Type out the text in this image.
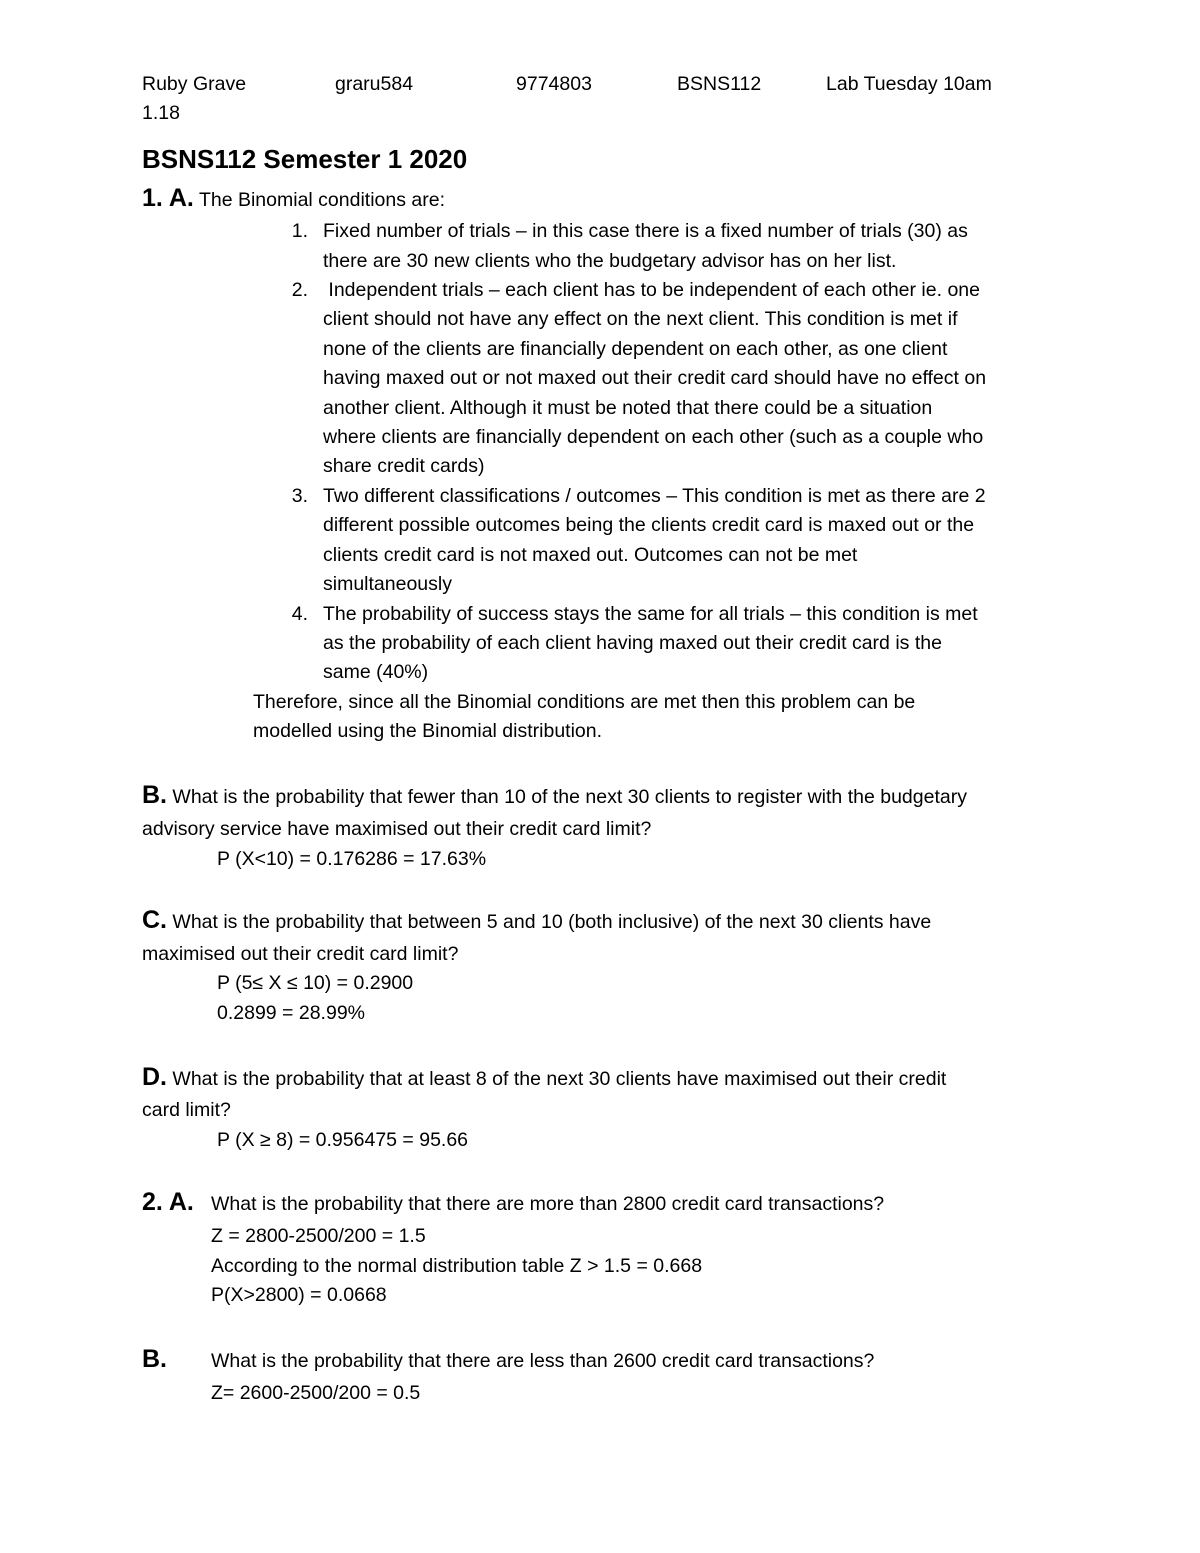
Ruby Grave	graru584	9774803	BSNS112	Lab Tuesday 10am
1.18
BSNS112 Semester 1 2020
1. A. The Binomial conditions are:
1. Fixed number of trials – in this case there is a fixed number of trials (30) as
there are 30 new clients who the budgetary advisor has on her list.
2. Independent trials – each client has to be independent of each other ie. one
client should not have any effect on the next client. This condition is met if
none of the clients are financially dependent on each other, as one client
having maxed out or not maxed out their credit card should have no effect on
another client. Although it must be noted that there could be a situation
where clients are financially dependent on each other (such as a couple who
share credit cards)
3. Two different classifications / outcomes – This condition is met as there are 2
different possible outcomes being the clients credit card is maxed out or the
clients credit card is not maxed out. Outcomes can not be met
simultaneously
4. The probability of success stays the same for all trials – this condition is met
as the probability of each client having maxed out their credit card is the
same (40%)
Therefore, since all the Binomial conditions are met then this problem can be
modelled using the Binomial distribution.
B. What is the probability that fewer than 10 of the next 30 clients to register with the budgetary
advisory service have maximised out their credit card limit?
P (X<10) = 0.176286 = 17.63%
C. What is the probability that between 5 and 10 (both inclusive) of the next 30 clients have
maximised out their credit card limit?
P (5≤ X ≤ 10) = 0.2900
0.2899 = 28.99%
D. What is the probability that at least 8 of the next 30 clients have maximised out their credit
card limit?
P (X ≥ 8) = 0.956475 = 95.66
2. A. What is the probability that there are more than 2800 credit card transactions?
Z = 2800-2500/200 = 1.5
According to the normal distribution table Z > 1.5 = 0.668
P(X>2800) = 0.0668
B. What is the probability that there are less than 2600 credit card transactions?
Z= 2600-2500/200 = 0.5
